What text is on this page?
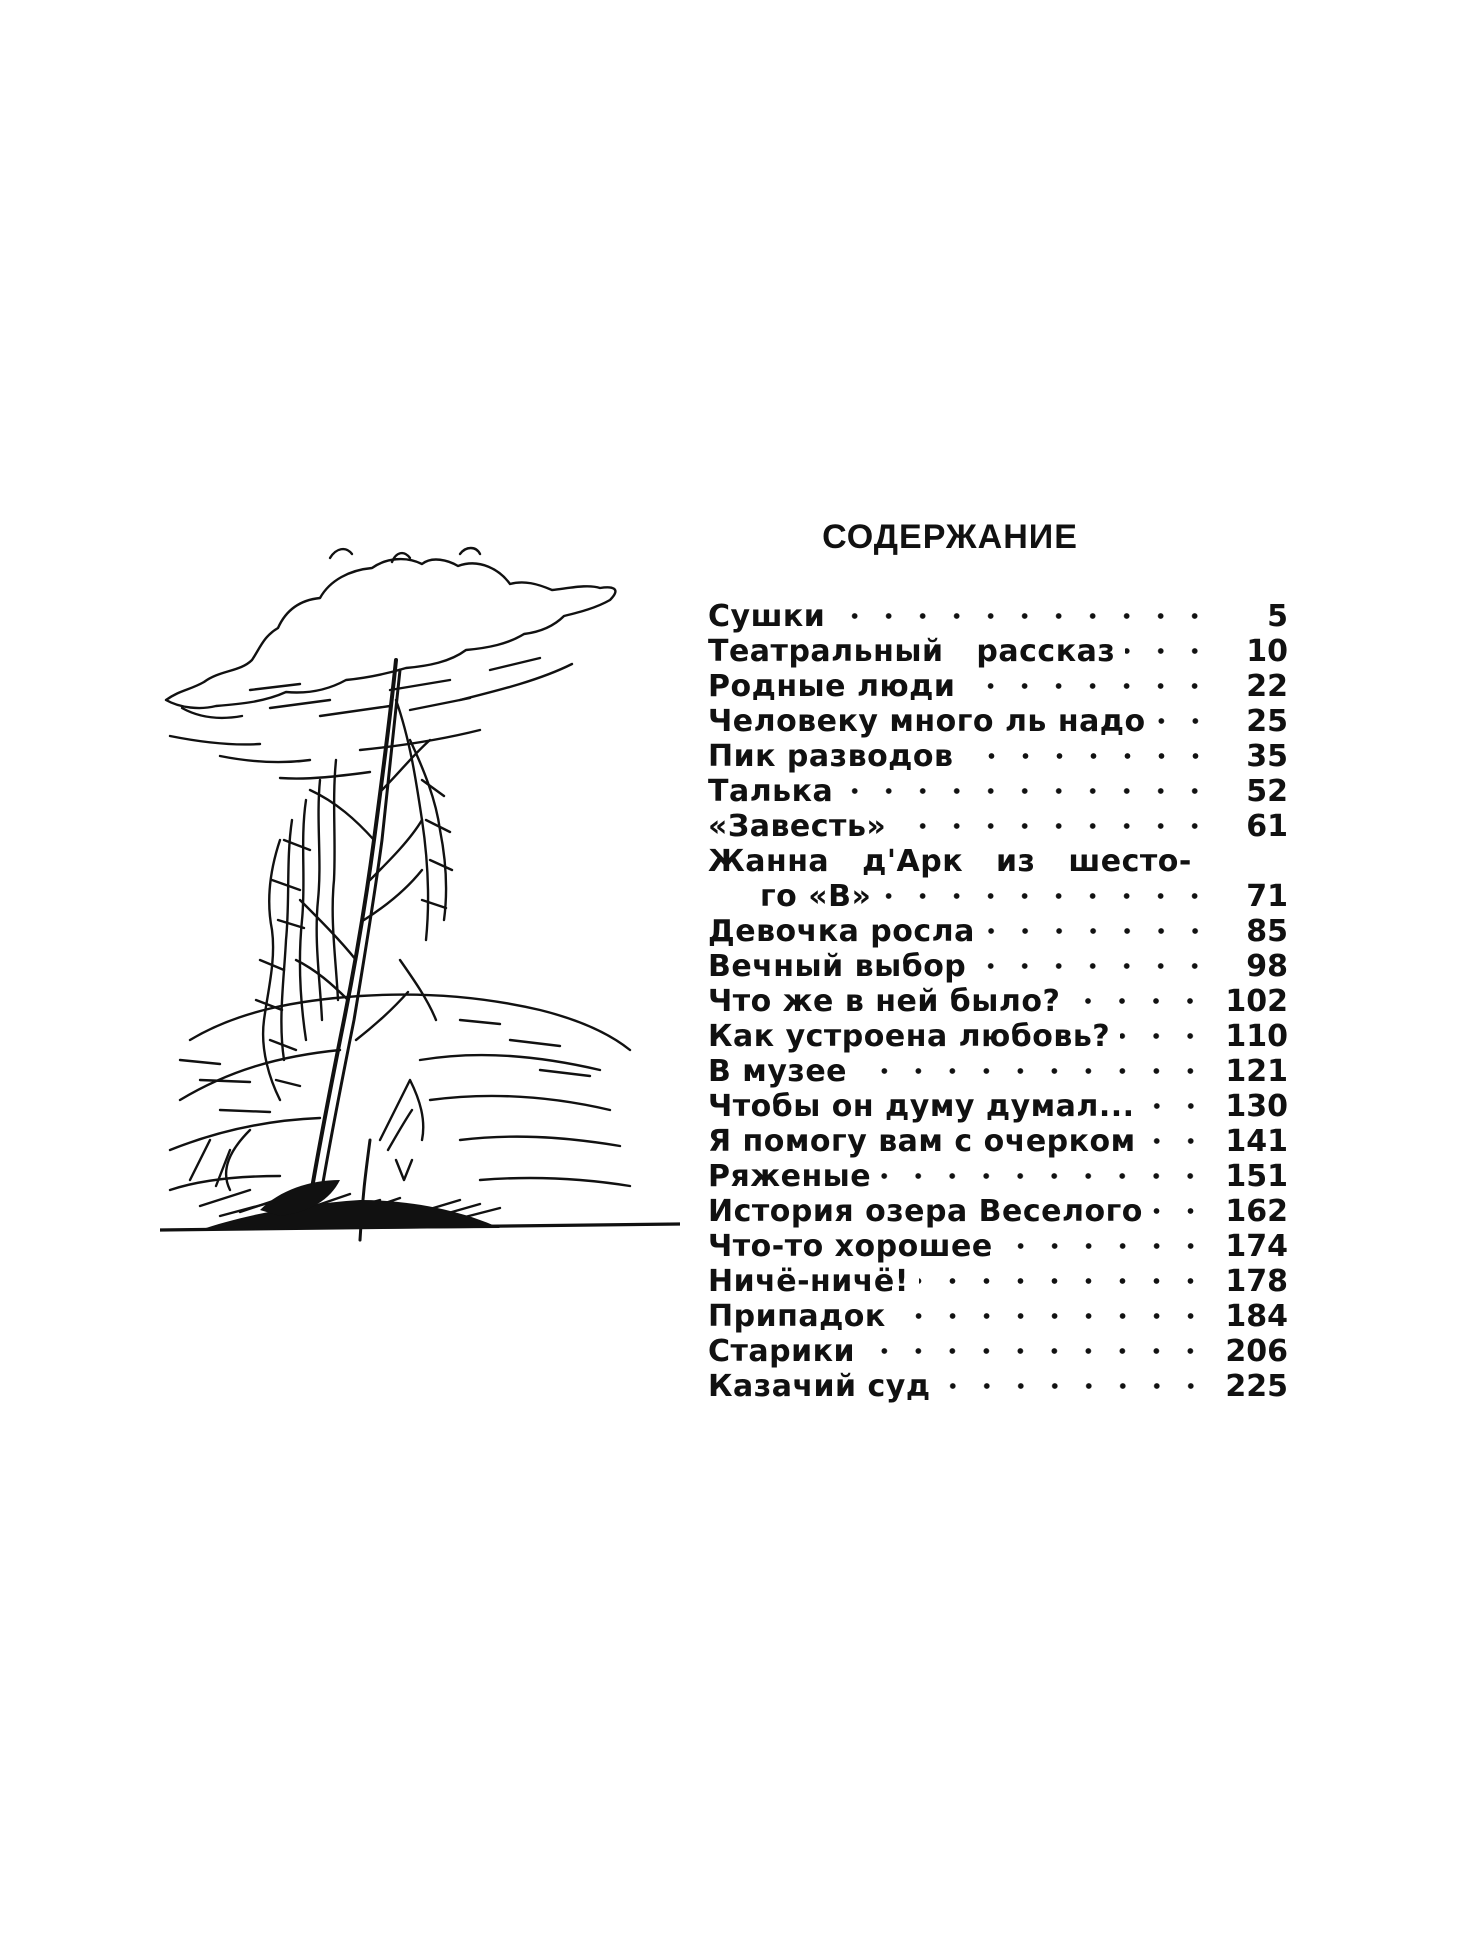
СОДЕРЖАНИЕ
Сушки	5
Театральный рассказ	10
Родные люди	22
Человеку много ль надо	25
Пик разводов	35
Талька	52
«Завесть»	61
Жанна д'Арк из шесто-
го «В»	71
Девочка росла	85
Вечный выбор	98
Что же в ней было?	102
Как устроена любовь?	110
В музее	121
Чтобы он думу думал...	130
Я помогу вам с очерком	141
Ряженые	151
История озера Веселого	162
Что-то хорошее	174
Ничё-ничё!	178
Припадок	184
Старики	206
Казачий суд	225
